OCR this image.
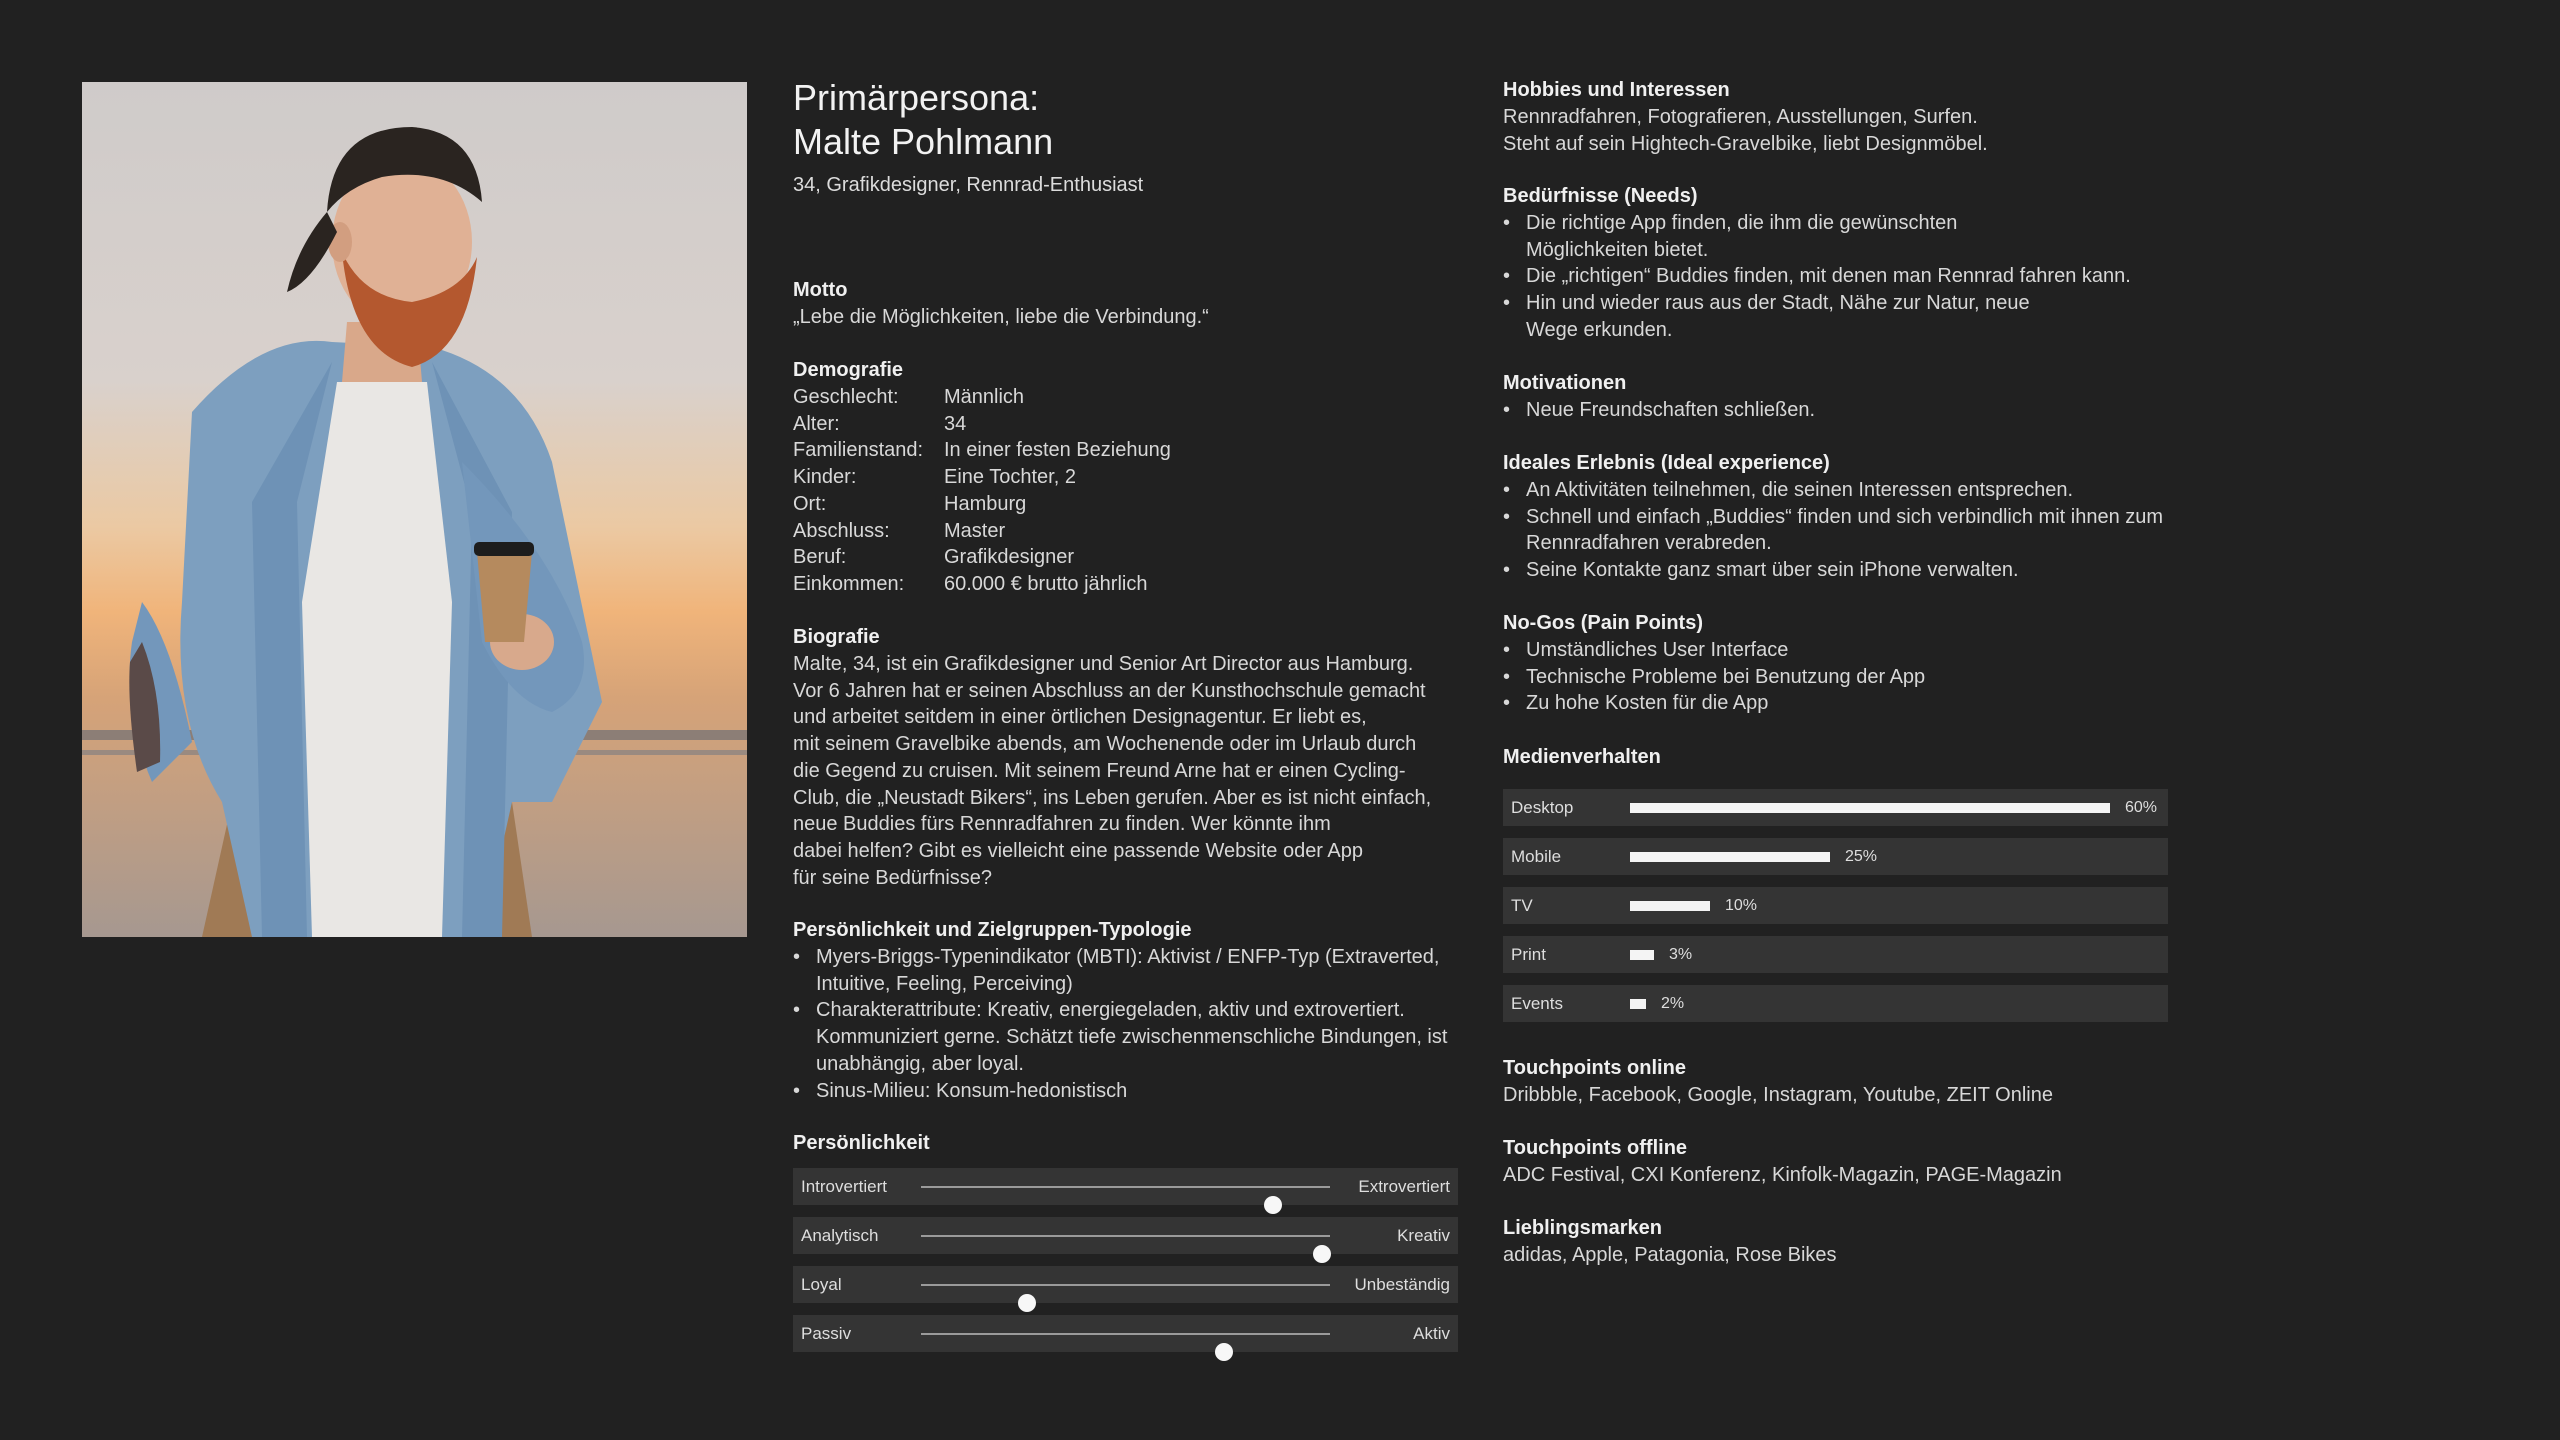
Primärpersona:
Malte Pohlmann
34, Grafikdesigner, Rennrad-Enthusiast
Motto
„Lebe die Möglichkeiten, liebe die Verbindung.“
Demografie
Geschlecht:	Männlich
Alter:	34
Familienstand:	In einer festen Beziehung
Kinder:	Eine Tochter, 2
Ort:	Hamburg
Abschluss:	Master
Beruf:	Grafikdesigner
Einkommen:	60.000 € brutto jährlich
Biografie
Malte, 34, ist ein Grafikdesigner und Senior Art Director aus Hamburg.
Vor 6 Jahren hat er seinen Abschluss an der Kunsthochschule gemacht
und arbeitet seitdem in einer örtlichen Designagentur. Er liebt es,
mit seinem Gravelbike abends, am Wochenende oder im Urlaub durch
die Gegend zu cruisen. Mit seinem Freund Arne hat er einen Cycling-
Club, die „Neustadt Bikers“, ins Leben gerufen. Aber es ist nicht einfach,
neue Buddies fürs Rennradfahren zu finden. Wer könnte ihm
dabei helfen? Gibt es vielleicht eine passende Website oder App
für seine Bedürfnisse?
Persönlichkeit und Zielgruppen-Typologie
• Myers-Briggs-Typenindikator (MBTI): Aktivist / ENFP-Typ (Extraverted, Intuitive, Feeling, Perceiving)
• Charakterattribute: Kreativ, energiegeladen, aktiv und extrovertiert. Kommuniziert gerne. Schätzt tiefe zwischenmenschliche Bindungen, ist unabhängig, aber loyal.
• Sinus-Milieu: Konsum-hedonistisch
Persönlichkeit
Introvertiert	Extrovertiert
Analytisch	Kreativ
Loyal	Unbeständig
Passiv	Aktiv
Hobbies und Interessen
Rennradfahren, Fotografieren, Ausstellungen, Surfen.
Steht auf sein Hightech-Gravelbike, liebt Designmöbel.
Bedürfnisse (Needs)
• Die richtige App finden, die ihm die gewünschten Möglichkeiten bietet.
• Die „richtigen“ Buddies finden, mit denen man Rennrad fahren kann.
• Hin und wieder raus aus der Stadt, Nähe zur Natur, neue Wege erkunden.
Motivationen
• Neue Freundschaften schließen.
Ideales Erlebnis (Ideal experience)
• An Aktivitäten teilnehmen, die seinen Interessen entsprechen.
• Schnell und einfach „Buddies“ finden und sich verbindlich mit ihnen zum Rennradfahren verabreden.
• Seine Kontakte ganz smart über sein iPhone verwalten.
No-Gos (Pain Points)
• Umständliches User Interface
• Technische Probleme bei Benutzung der App
• Zu hohe Kosten für die App
Medienverhalten
Desktop	60%
Mobile	25%
TV	10%
Print	3%
Events	2%
Touchpoints online
Dribbble, Facebook, Google, Instagram, Youtube, ZEIT Online
Touchpoints offline
ADC Festival, CXI Konferenz, Kinfolk-Magazin, PAGE-Magazin
Lieblingsmarken
adidas, Apple, Patagonia, Rose Bikes
